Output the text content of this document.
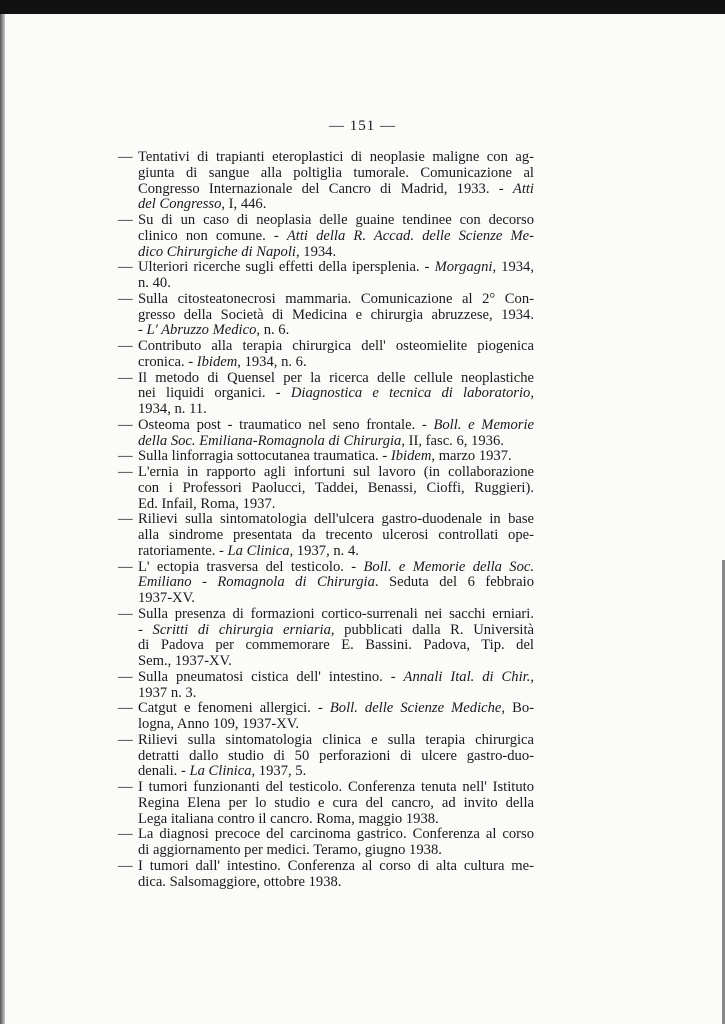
— 151 —
— Tentativi di trapianti eteroplastici di neoplasie maligne con ag-
giunta di sangue alla poltiglia tumorale. Comunicazione al
Congresso Internazionale del Cancro di Madrid, 1933. - Atti
del Congresso, I, 446.
— Su di un caso di neoplasia delle guaine tendinee con decorso
clinico non comune. - Atti della R. Accad. delle Scienze Me-
dico Chirurgiche di Napoli, 1934.
— Ulteriori ricerche sugli effetti della ipersplenia. - Morgagni, 1934,
n. 40.
— Sulla citosteatonecrosi mammaria. Comunicazione al 2° Con-
gresso della Società di Medicina e chirurgia abruzzese, 1934.
- L' Abruzzo Medico, n. 6.
— Contributo alla terapia chirurgica dell' osteomielite piogenica
cronica. - Ibidem, 1934, n. 6.
— Il metodo di Quensel per la ricerca delle cellule neoplastiche
nei liquidi organici. - Diagnostica e tecnica di laboratorio,
1934, n. 11.
— Osteoma post - traumatico nel seno frontale. - Boll. e Memorie
della Soc. Emiliana-Romagnola di Chirurgia, II, fasc. 6, 1936.
— Sulla linforragia sottocutanea traumatica. - Ibidem, marzo 1937.
— L'ernia in rapporto agli infortuni sul lavoro (in collaborazione
con i Professori Paolucci, Taddei, Benassi, Cioffi, Ruggieri).
Ed. Infail, Roma, 1937.
— Rilievi sulla sintomatologia dell'ulcera gastro-duodenale in base
alla sindrome presentata da trecento ulcerosi controllati ope-
ratoriamente. - La Clinica, 1937, n. 4.
— L' ectopia trasversa del testicolo. - Boll. e Memorie della Soc.
Emiliano - Romagnola di Chirurgia. Seduta del 6 febbraio
1937-XV.
— Sulla presenza di formazioni cortico-surrenali nei sacchi erniari.
- Scritti di chirurgia erniaria, pubblicati dalla R. Università
di Padova per commemorare E. Bassini. Padova, Tip. del
Sem., 1937-XV.
— Sulla pneumatosi cistica dell' intestino. - Annali Ital. di Chir.,
1937 n. 3.
— Catgut e fenomeni allergici. - Boll. delle Scienze Mediche, Bo-
logna, Anno 109, 1937-XV.
— Rilievi sulla sintomatologia clinica e sulla terapia chirurgica
detratti dallo studio di 50 perforazioni di ulcere gastro-duo-
denali. - La Clinica, 1937, 5.
— I tumori funzionanti del testicolo. Conferenza tenuta nell' Istituto
Regina Elena per lo studio e cura del cancro, ad invito della
Lega italiana contro il cancro. Roma, maggio 1938.
— La diagnosi precoce del carcinoma gastrico. Conferenza al corso
di aggiornamento per medici. Teramo, giugno 1938.
— I tumori dall' intestino. Conferenza al corso di alta cultura me-
dica. Salsomaggiore, ottobre 1938.
